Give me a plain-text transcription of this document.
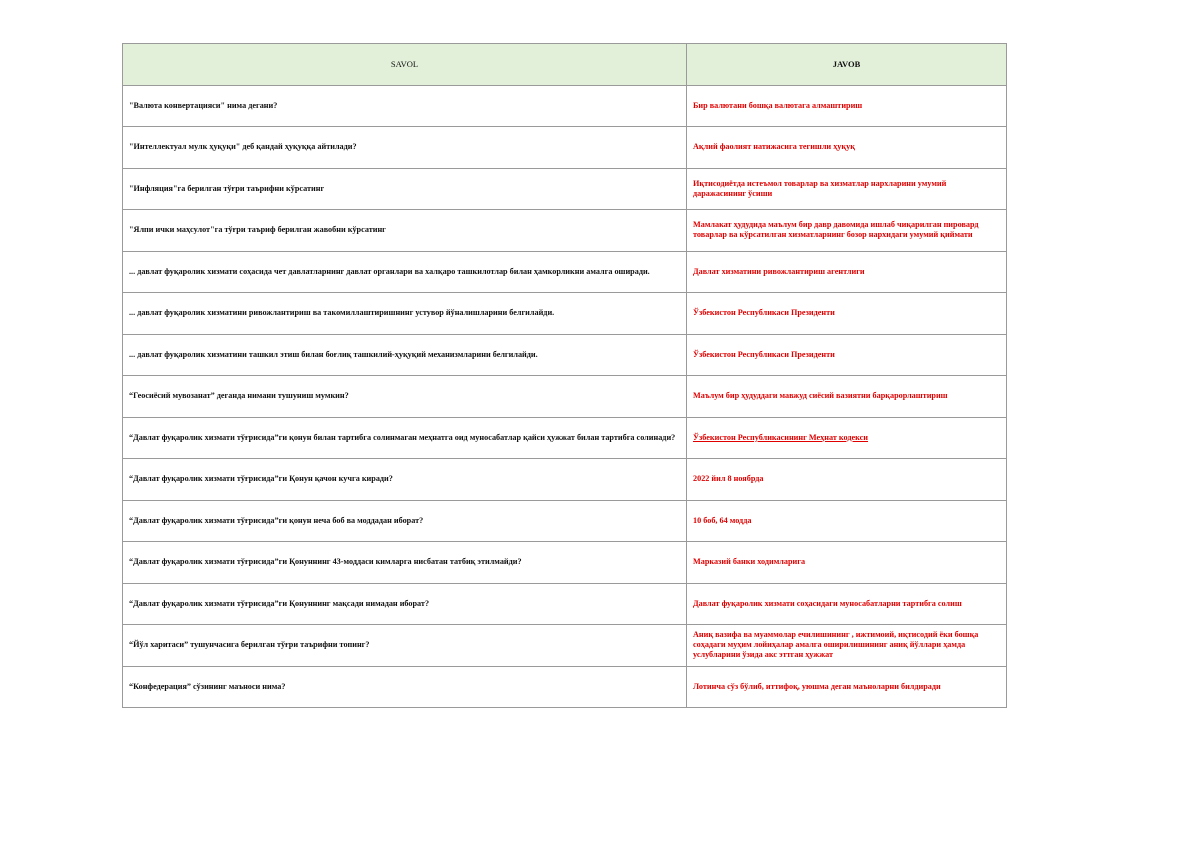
SAVOL	JAVOB
"Валюта конвертацияси" нима дегани?	Бир валютани бошқа валютага алмаштириш
"Интеллектуал мулк ҳуқуқи" деб қандай ҳуқуққа айтилади?	Ақлий фаолият натижасига тегишли ҳуқуқ
"Инфляция"га берилган тўғри таърифни кўрсатинг	Иқтисодиётда истеъмол товарлар ва хизматлар нархларини умумий даражасининг ўсиши
"Ялпи ички маҳсулот"га тўғри таъриф берилган жавобни кўрсатинг	Мамлакат ҳудудида маълум бир давр давомида ишлаб чиқарилган пировард товарлар ва кўрсатилган хизматларнинг бозор нархидаги умумий қиймати
... давлат фуқаролик хизмати соҳасида чет давлатларнинг давлат органлари ва халқаро ташкилотлар билан ҳамкорликни амалга оширади.	Давлат хизматини ривожлантириш агентлиги
... давлат фуқаролик хизматини ривожлантириш ва такомиллаштиришнинг устувор йўналишларини белгилайди.	Ўзбекистон Республикаси Президенти
... давлат фуқаролик хизматини ташкил этиш билан боғлиқ ташкилий-ҳуқуқий механизмларини белгилайди.	Ўзбекистон Республикаси Президенти
“Геосиёсий мувозанат” деганда нимани тушуниш мумкин?	Маълум бир ҳудуддаги мавжуд сиёсий вазиятни барқарорлаштириш
“Давлат фуқаролик хизмати тўғрисида”ги қонун билан тартибга солинмаган меҳнатга оид муносабатлар қайси ҳужжат билан тартибга солинади?	Ўзбекистон Республикасининг Меҳнат кодекси
“Давлат фуқаролик хизмати тўғрисида”ги Қонун қачон кучга киради?	2022 йил 8 ноябрда
“Давлат фуқаролик хизмати тўғрисида”ги қонун неча боб ва моддадан иборат?	10 боб, 64 модда
“Давлат фуқаролик хизмати тўғрисида”ги Қонуннинг 43-моддаси кимларга нисбатан татбиқ этилмайди?	Марказий банки ходимларига
“Давлат фуқаролик хизмати тўғрисида”ги Қонуннинг мақсади нимадан иборат?	Давлат фуқаролик хизмати соҳасидаги муносабатларни тартибга солиш
“Йўл харитаси” тушунчасига берилган тўғри таърифни топинг?	Аниқ вазифа ва муаммолар ечилишининг , ижтимоий, иқтисодий ёки бошқа соҳадаги муҳим лойиҳалар амалга оширилишининг аниқ йўллари ҳамда услубларини ўзида акс эттган ҳужжат
“Конфедерация” сўзининг маъноси нима?	Лотинча сўз бўлиб, иттифоқ, уюшма деган маъноларни билдиради
